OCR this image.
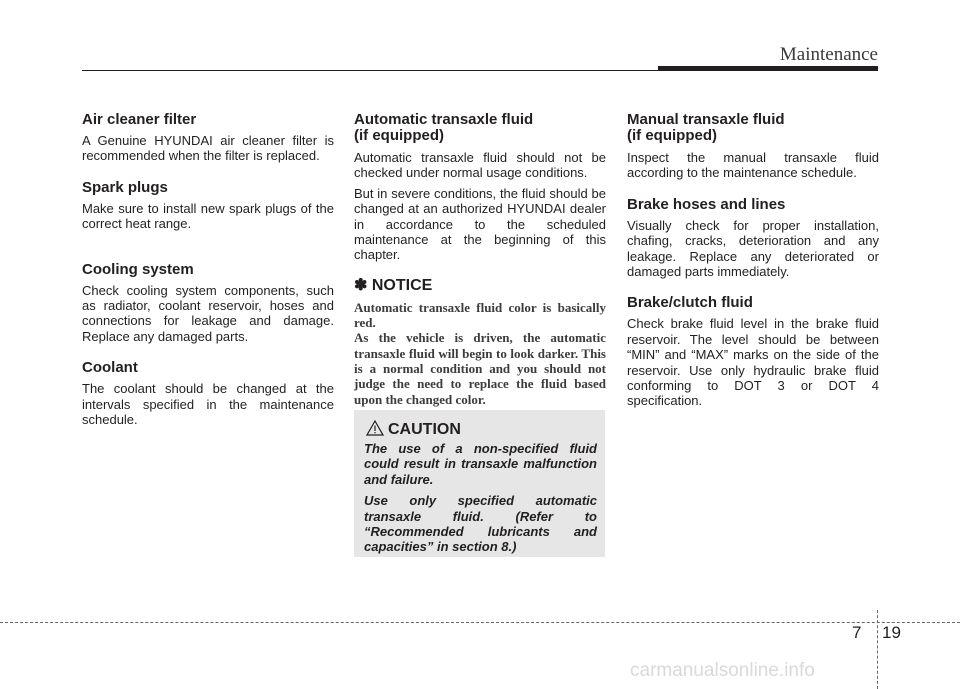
Maintenance
Air cleaner filter

A Genuine HYUNDAI air cleaner filter is recommended when the filter is replaced.

Spark plugs

Make sure to install new spark plugs of the correct heat range.

Cooling system

Check cooling system components, such as radiator, coolant reservoir, hoses and connections for leakage and damage. Replace any damaged parts.

Coolant

The coolant should be changed at the intervals specified in the maintenance schedule.

Automatic transaxle fluid
(if equipped)

Automatic transaxle fluid should not be checked under normal usage conditions.

But in severe conditions, the fluid should be changed at an authorized HYUNDAI dealer in accordance to the scheduled maintenance at the beginning of this chapter.

✽ NOTICE

Automatic transaxle fluid color is basically red.

As the vehicle is driven, the automatic transaxle fluid will begin to look darker. This is a normal condition and you should not judge the need to replace the fluid based upon the changed color.

CAUTION

The use of a non-specified fluid could result in transaxle malfunction and failure.

Use only specified automatic transaxle fluid. (Refer to “Recommended lubricants and capacities” in section 8.)

Manual transaxle fluid
(if equipped)

Inspect the manual transaxle fluid according to the maintenance schedule.

Brake hoses and lines

Visually check for proper installation, chafing, cracks, deterioration and any leakage. Replace any deteriorated or damaged parts immediately.

Brake/clutch fluid

Check brake fluid level in the brake fluid reservoir. The level should be between “MIN” and “MAX” marks on the side of the reservoir. Use only hydraulic brake fluid conforming to DOT 3 or DOT 4 specification.

7 19
carmanualsonline.info
